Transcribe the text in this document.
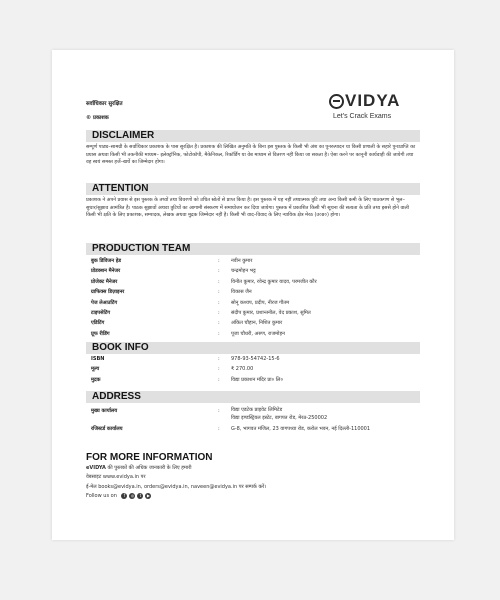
सर्वाधिकार सुरक्षित
© प्रकाशक
VIDYA
Let's Crack Exams
DISCLAIMER
सम्पूर्ण पाठ्य–सामग्री के सर्वाधिकार प्रकाशक के पास सुरक्षित है। प्रकाशक की लिखित अनुमति के बिना इस पुस्तक के किसी भी अंश का पुनरुत्पादन या किसी प्रणाली के सहारे पुनःप्राप्ति का प्रयास अथवा किसी भी तकनीकी माध्यम– इलेक्ट्रॉनिक, फोटोकॉपी, मैकेनिकल, रिकॉर्डिंग या वेब माध्यम से वितरण नहीं किया जा सकता है। ऐसा करने पर कानूनी कार्यवाही की जायेगी तथा वह स्वयं समस्त हर्जे–खर्चे का जिम्मेदार होगा।
ATTENTION
प्रकाशक ने अपने प्रयास से इस पुस्तक के तथ्यों तथा विवरणों को उचित स्रोतों से प्राप्त किया है। इस पुस्तक में यह नहीं तथ्यात्मक त्रुटि तथा अन्य किसी कमी के लिए पाठकगण से भूल–सुधार/सुझाव आमंत्रित है। पाठक सुझावों अथवा त्रुटियों का आगामी संस्करण में समायोजन कर दिया जायेगा। पुस्तक में प्रकाशित किसी भी सूचना की सत्यता के प्रति तथ्य इससे होने वाली किसी भी क्षति के लिए प्रकाशक, सम्पादक, लेखक अथवा मुद्रक जिम्मेदार नहीं है। किसी भी वाद–विवाद के लिए न्यायिक क्षेत्र मेरठ (उ०प्र०) होगा।
PRODUCTION TEAM
बुक डिविजन हेड	: नवीन कुमार
प्रोडक्शन मैनेजर	: चन्द्रमोहन भट्ट
प्रोजेक्ट मैनेजर	: विनीत कुमार, रवेन्द्र कुमार यादव, परमजीत कौर
ग्राफिक्स डिज़ाइनर	: विकास जैन
पेज लेआउटिंग	: सोनू कश्यप, प्रदीप, नीरज गौतम
टाइपसेटिंग	: संदीप कुमार, प्रशान्तनील, वेद प्रकाश, सुमित
एडिटिंग	: अंकित चौहान, निशित कुमार
प्रूफ रीडिंग	: पूजा चौधरी, अरुण, राजमोहन
BOOK INFO
ISBN	: 978-93-54742-15-6
मूल्य	: ₹ 270.00
मुद्रक	: विद्या प्रकाशन मंदिर प्रा० लि०
ADDRESS
मुख्य कार्यालय	: विद्या एडटेक प्राइवेट लिमिटेड
विद्या इण्डस्ट्रियल इस्टेट, बागपत रोड, मेरठ-250002
रजिस्टर्ड कार्यालय	: G-8, भागवत मंजिल, 23 वागपथ्या रोड, करोल भवन, नई दिल्ली-110001
FOR MORE INFORMATION
eVIDYA की पुस्तकों की अधिक जानकारी के लिए हमारी
वेबसाइट www.evidya.in पर
ई-मेल books@evidya.in, orders@evidya.in, naveen@evidya.in पर सम्पर्क करें।
Follow us on	f	◎	t	▶
